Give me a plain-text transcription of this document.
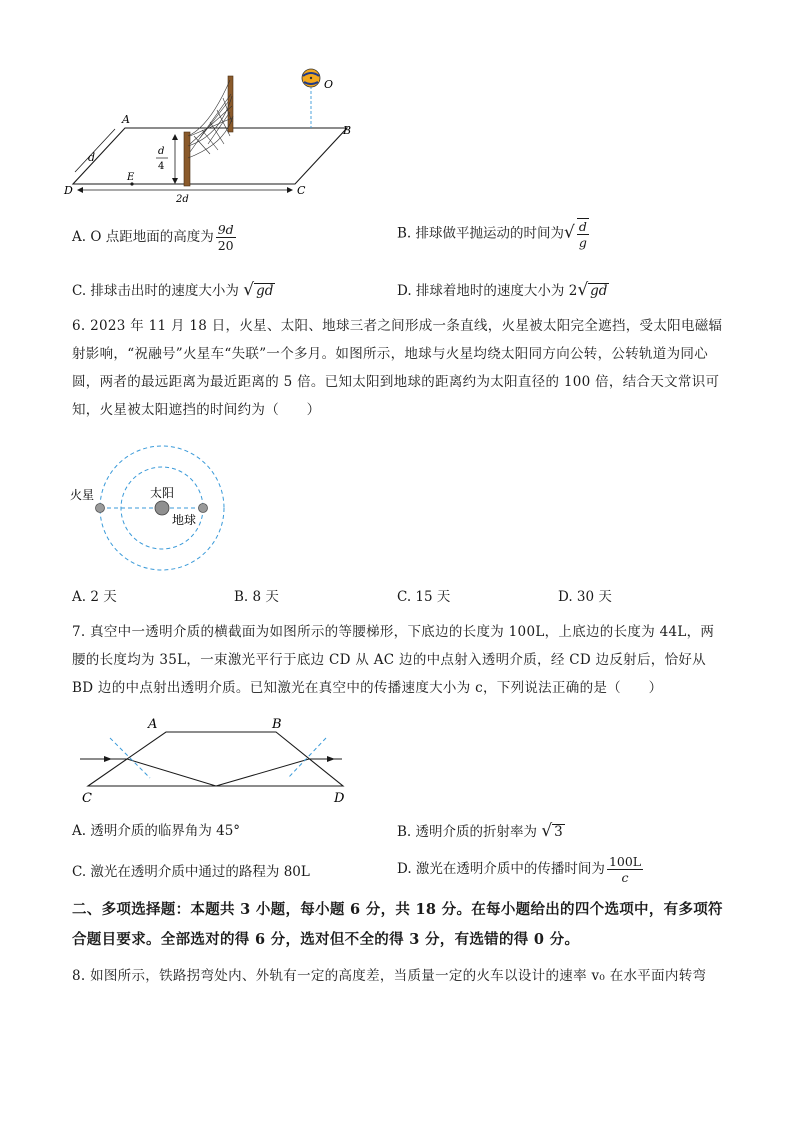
A
B
C
D
E
O
d	d
4
2d
A. O 点距地面的高度为 $\frac{9d}{20}$	B. 排球做平抛运动的时间为√ $\frac{d}{g}$
C. 排球击出时的速度大小为 √ gd	D. 排球着地时的速度大小为 2√ gd
6. 2023 年 11 月 18 日，火星、太阳、地球三者之间形成一条直线，火星被太阳完全遮挡，受太阳电磁辐射影响，“祝融号”火星车“失联”一个多月。如图所示，地球与火星均绕太阳同方向公转，公转轨道为同心圆，两者的最远距离为最近距离的 5 倍。已知太阳到地球的距离约为太阳直径的 100 倍，结合天文常识可知，火星被太阳遮挡的时间约为（　　）
火星	太阳
地球
A. 2 天	B. 8 天	C. 15 天	D. 30 天
7. 真空中一透明介质的横截面为如图所示的等腰梯形，下底边的长度为 100L，上底边的长度为 44L，两腰的长度均为 35L，一束激光平行于底边 CD 从 AC 边的中点射入透明介质，经 CD 边反射后，恰好从 BD 边的中点射出透明介质。已知激光在真空中的传播速度大小为 c，下列说法正确的是（　　）
A	B
C	D
A. 透明介质的临界角为 45°	B. 透明介质的折射率为 √ 3
C. 激光在透明介质中通过的路程为 80L	D. 激光在透明介质中的传播时间为 $\frac{100L}{c}$
二、多项选择题：本题共 3 小题，每小题 6 分，共 18 分。在每小题给出的四个选项中，有多项符合题目要求。全部选对的得 6 分，选对但不全的得 3 分，有选错的得 0 分。
8. 如图所示，铁路拐弯处内、外轨有一定的高度差，当质量一定的火车以设计的速率 v₀ 在水平面内转弯
